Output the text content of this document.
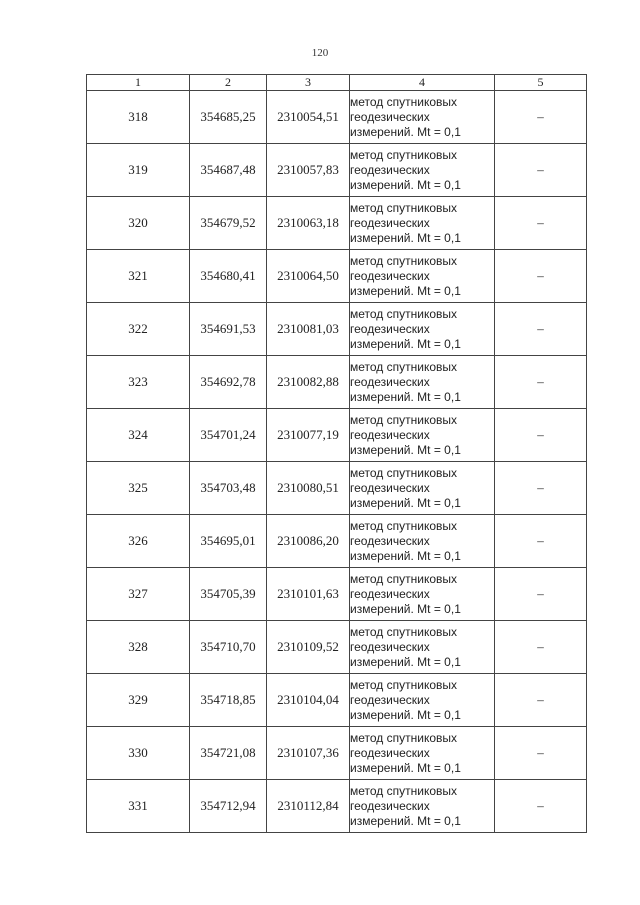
120
1	2	3	4	5
318	354685,25	2310054,51	метод спутниковых
геодезических
измерений. Mt = 0,1	–
319	354687,48	2310057,83	метод спутниковых
геодезических
измерений. Mt = 0,1	–
320	354679,52	2310063,18	метод спутниковых
геодезических
измерений. Mt = 0,1	–
321	354680,41	2310064,50	метод спутниковых
геодезических
измерений. Mt = 0,1	–
322	354691,53	2310081,03	метод спутниковых
геодезических
измерений. Mt = 0,1	–
323	354692,78	2310082,88	метод спутниковых
геодезических
измерений. Mt = 0,1	–
324	354701,24	2310077,19	метод спутниковых
геодезических
измерений. Mt = 0,1	–
325	354703,48	2310080,51	метод спутниковых
геодезических
измерений. Mt = 0,1	–
326	354695,01	2310086,20	метод спутниковых
геодезических
измерений. Mt = 0,1	–
327	354705,39	2310101,63	метод спутниковых
геодезических
измерений. Mt = 0,1	–
328	354710,70	2310109,52	метод спутниковых
геодезических
измерений. Mt = 0,1	–
329	354718,85	2310104,04	метод спутниковых
геодезических
измерений. Mt = 0,1	–
330	354721,08	2310107,36	метод спутниковых
геодезических
измерений. Mt = 0,1	–
331	354712,94	2310112,84	метод спутниковых
геодезических
измерений. Mt = 0,1	–
